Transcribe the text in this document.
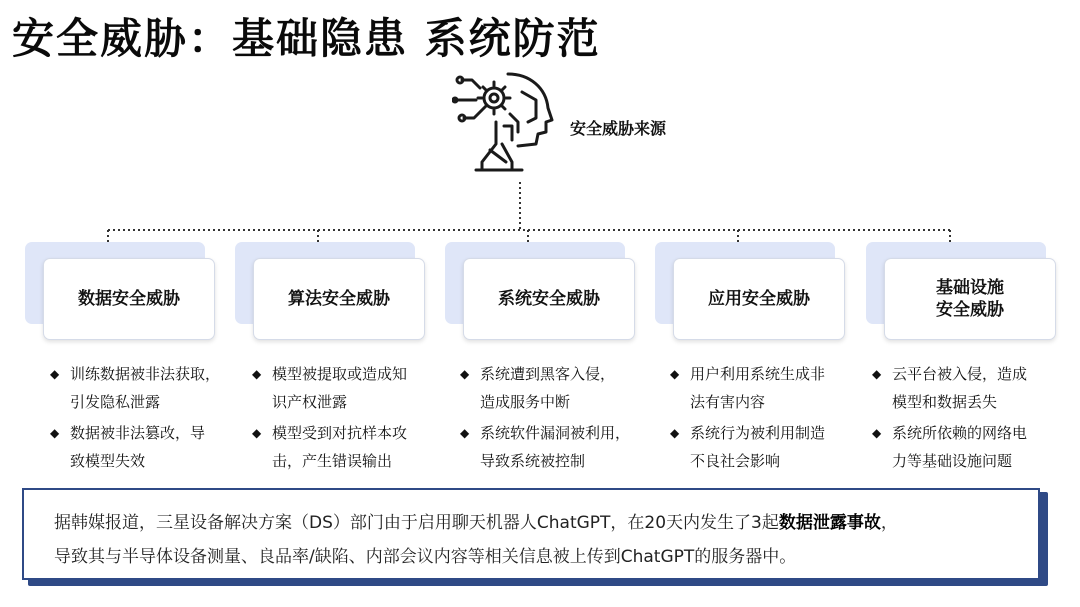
安全威胁：基础隐患 系统防范
安全威胁来源
数据安全威胁
◆ 训练数据被非法获取，
引发隐私泄露
◆ 数据被非法篡改，导
致模型失效
算法安全威胁
◆ 模型被提取或造成知
识产权泄露
◆ 模型受到对抗样本攻
击，产生错误输出
系统安全威胁
◆ 系统遭到黑客入侵，
造成服务中断
◆ 系统软件漏洞被利用，
导致系统被控制
应用安全威胁
◆ 用户利用系统生成非
法有害内容
◆ 系统行为被利用制造
不良社会影响
基础设施
安全威胁
◆ 云平台被入侵，造成
模型和数据丢失
◆ 系统所依赖的网络电
力等基础设施问题
据韩媒报道，三星设备解决方案（DS）部门由于启用聊天机器人ChatGPT，在20天内发生了3起数据泄露事故，
导致其与半导体设备测量、良品率/缺陷、内部会议内容等相关信息被上传到ChatGPT的服务器中。
